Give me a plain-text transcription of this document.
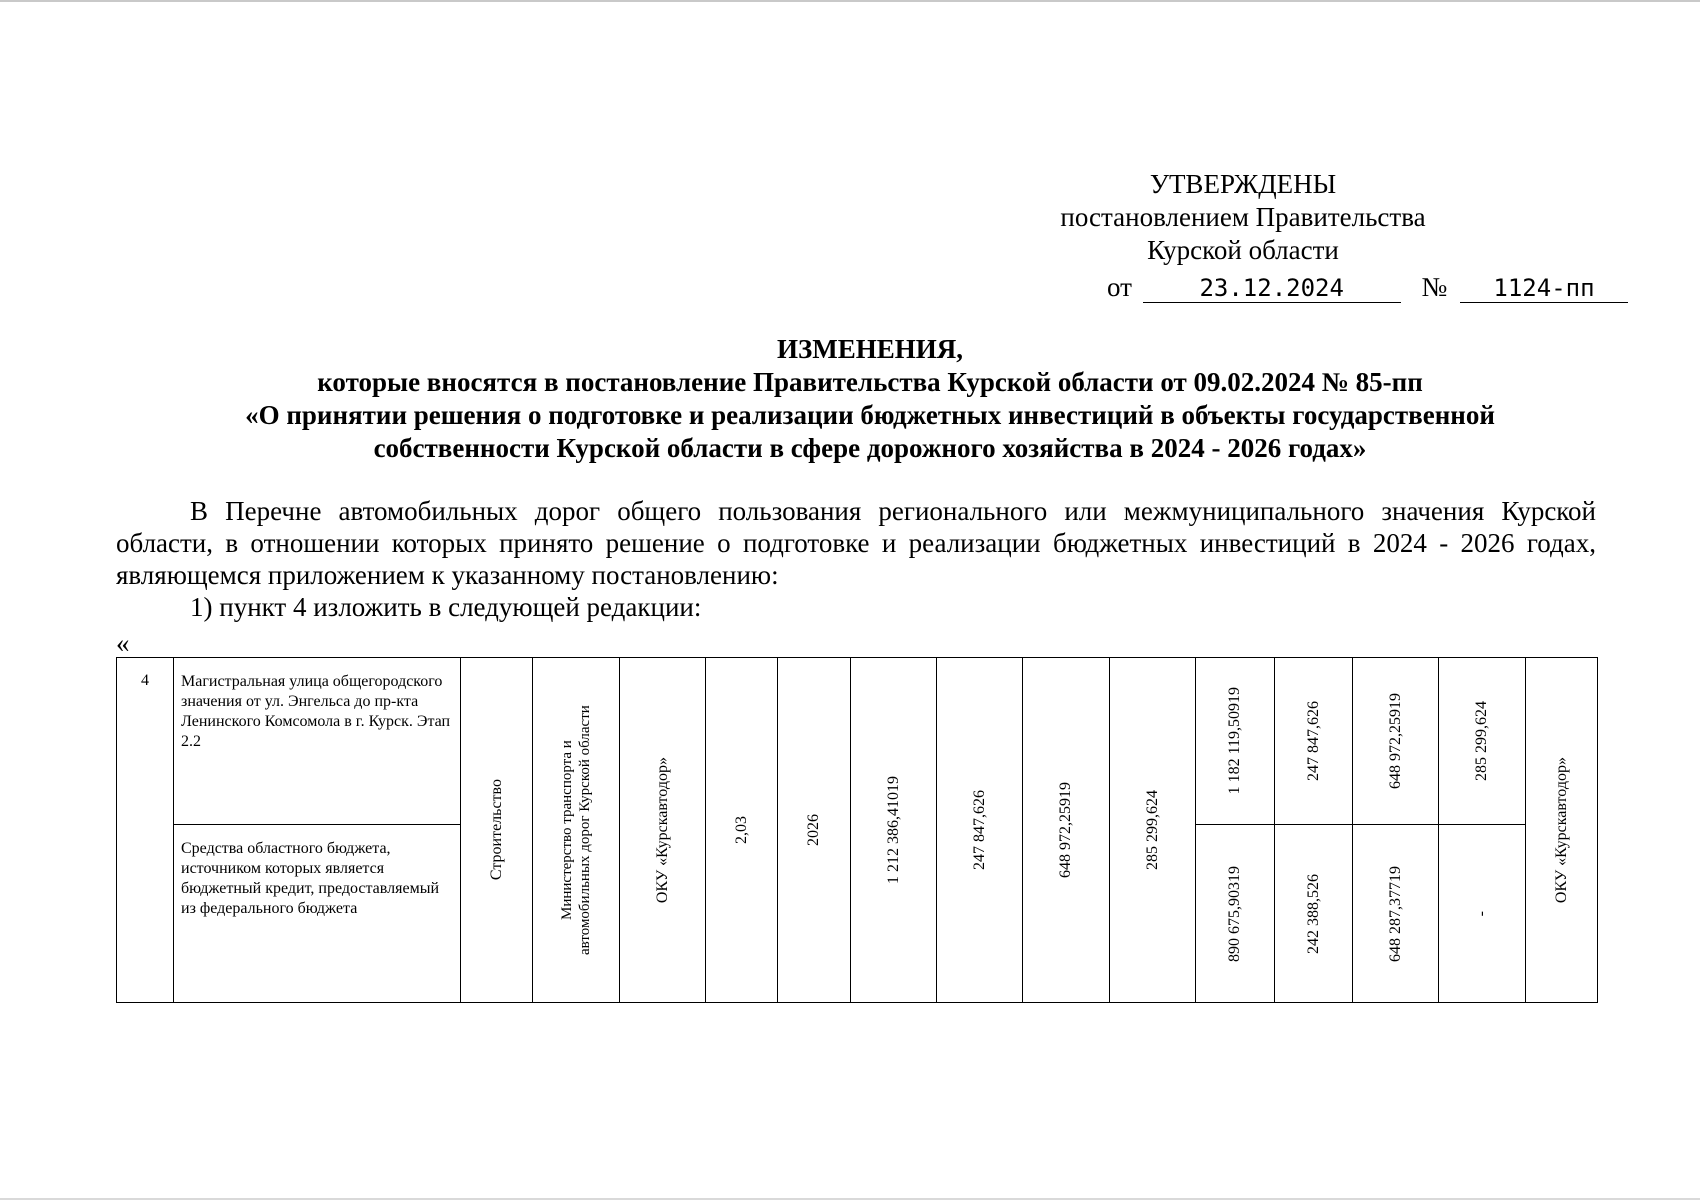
УТВЕРЖДЕНЫ
постановлением Правительства
Курской области
от	23.12.2024	№ 1124-пп
ИЗМЕНЕНИЯ,
которые вносятся в постановление Правительства Курской области от 09.02.2024 № 85-пп
«О принятии решения о подготовке и реализации бюджетных инвестиций в объекты государственной
собственности Курской области в сфере дорожного хозяйства в 2024 - 2026 годах»

В Перечне автомобильных дорог общего пользования регионального или межмуниципального значения Курской области, в отношении которых принято решение о подготовке и реализации бюджетных инвестиций в 2024 - 2026 годах, являющемся приложением к указанному постановлению:

1) пункт 4 изложить в следующей редакции:

«
4	Магистральная улица общегородского значения от ул. Энгельса до пр-кта Ленинского Комсомола в г. Курск. Этап 2.2	Строительство	Министерство транспорта и автомобильных дорог Курской области	ОКУ «Курскавтодор»	2,03	2026	1 212 386,41019	247 847,626	648 972,25919	285 299,624	1 182 119,50919	247 847,626	648 972,25919	285 299,624	ОКУ «Курскавтодор»

	Средства областного бюджета, источником которых является бюджетный кредит, предоставляемый из федерального бюджета										890 675,90319	242 388,526	648 287,37719	-	
